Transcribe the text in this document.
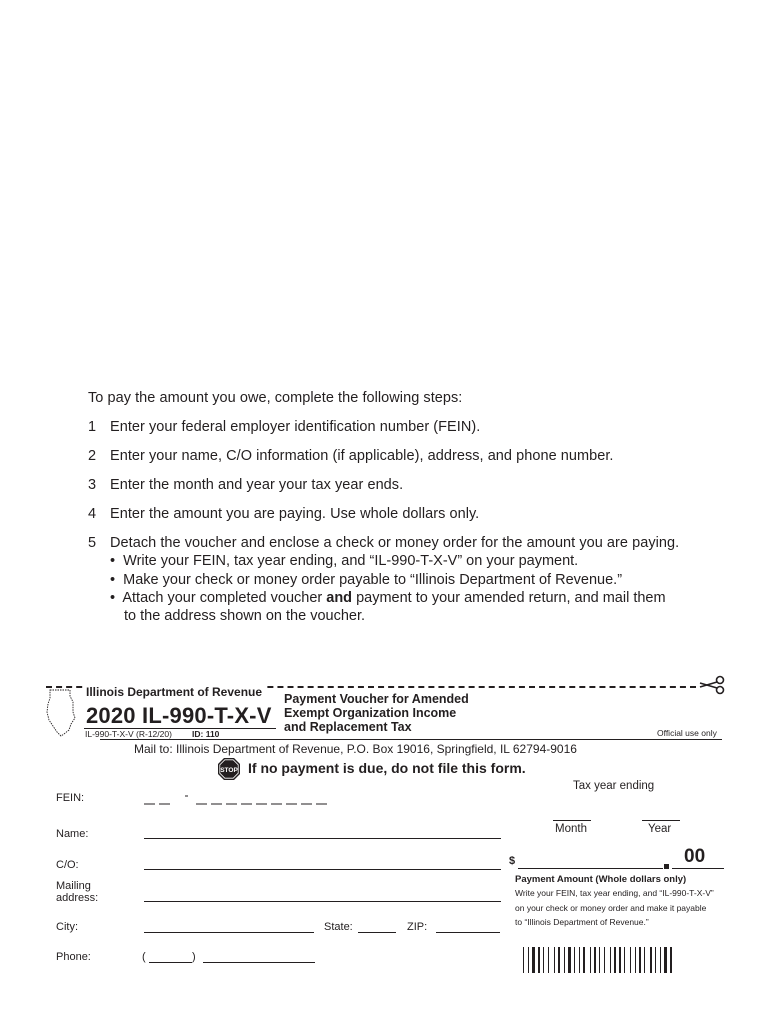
To pay the amount you owe, complete the following steps:
1 Enter your federal employer identification number (FEIN).
2 Enter your name, C/O information (if applicable), address, and phone number.
3 Enter the month and year your tax year ends.
4 Enter the amount you are paying. Use whole dollars only.
5 Detach the voucher and enclose a check or money order for the amount you are paying.
•  Write your FEIN, tax year ending, and “IL-990-T-X-V” on your payment.
•  Make your check or money order payable to “Illinois Department of Revenue.”
•  Attach your completed voucher and payment to your amended return, and mail them
to the address shown on the voucher.
Illinois Department of Revenue
2020 IL-990-T-X-V
IL-990-T-X-V (R-12/20) ID: 110
Payment Voucher for Amended
Exempt Organization Income
and Replacement Tax	Official use only
Mail to: Illinois Department of Revenue, P.O. Box 19016, Springfield, IL 62794-9016
STOP If no payment is due, do not file this form.
FEIN:
Name:
C/O:
Mailing
address:
City:	State:	ZIP:
Phone:	(	)
Tax year ending
Month	Year
$	00
Payment Amount (Whole dollars only)
Write your FEIN, tax year ending, and “IL-990-T-X-V”
on your check or money order and make it payable
to “Illinois Department of Revenue.”
